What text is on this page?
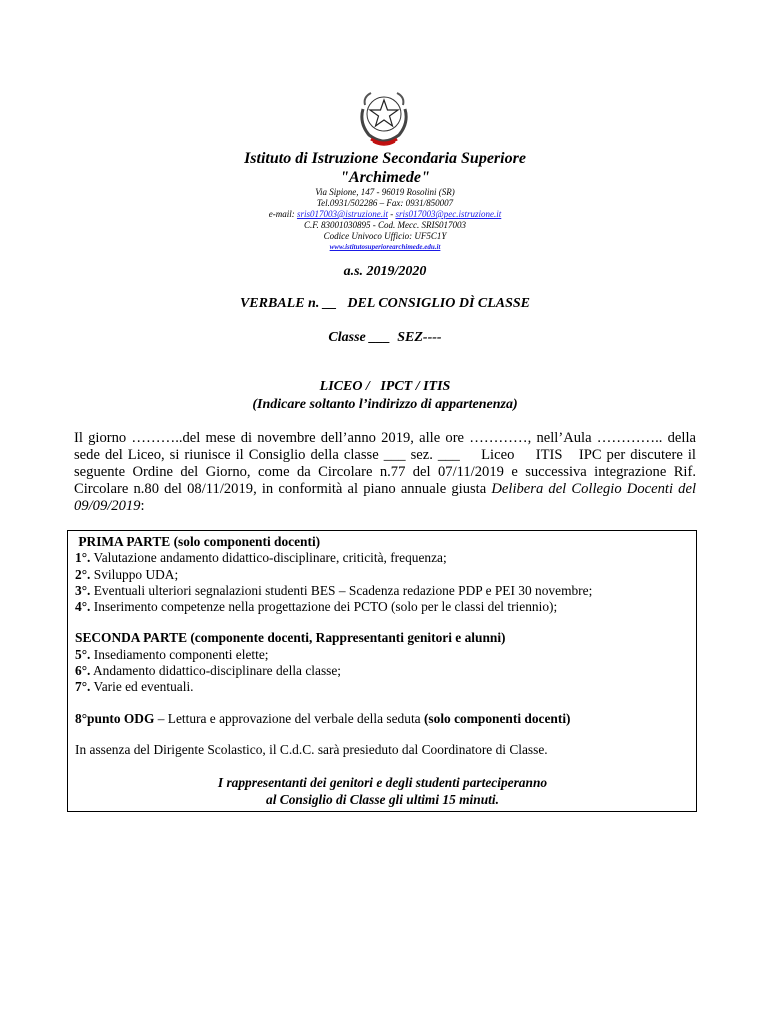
Istituto di Istruzione Secondaria Superiore
"Archimede"
Via Sipione, 147 - 96019 Rosolini (SR)
Tel.0931/502286 – Fax: 0931/850007
e-mail: sris017003@istruzione.it - sris017003@pec.istruzione.it
C.F. 83001030895 - Cod. Mecc. SRIS017003
Codice Univoco Ufficio: UF5C1Y
www.istitutosuperiorearchimede.edu.it
a.s. 2019/2020
VERBALE n. __   DEL CONSIGLIO DÌ CLASSE
Classe ___  SEZ----
LICEO /   IPCT / ITIS
(Indicare soltanto l’indirizzo di appartenenza)

Il giorno ………..del mese di novembre dell’anno 2019, alle ore …………, nell’Aula ………….. della sede del Liceo, si riunisce il Consiglio della classe ___ sez. ___ Liceo ITIS IPC per discutere il seguente Ordine del Giorno, come da Circolare n.77 del 07/11/2019 e successiva integrazione Rif. Circolare n.80 del 08/11/2019, in conformità al piano annuale giusta Delibera del Collegio Docenti del 09/09/2019:

PRIMA PARTE (solo componenti docenti)

1°. Valutazione andamento didattico-disciplinare, criticità, frequenza;

2°. Sviluppo UDA;

3°. Eventuali ulteriori segnalazioni studenti BES – Scadenza redazione PDP e PEI 30 novembre;

4°. Inserimento competenze nella progettazione dei PCTO (solo per le classi del triennio);

SECONDA PARTE (componente docenti, Rappresentanti genitori e alunni)

5°. Insediamento componenti elette;

6°. Andamento didattico-disciplinare della classe;

7°. Varie ed eventuali.

8°punto ODG – Lettura e approvazione del verbale della seduta (solo componenti docenti)

In assenza del Dirigente Scolastico, il C.d.C. sarà presieduto dal Coordinatore di Classe.

I rappresentanti dei genitori e degli studenti parteciperanno

al Consiglio di Classe gli ultimi 15 minuti.
